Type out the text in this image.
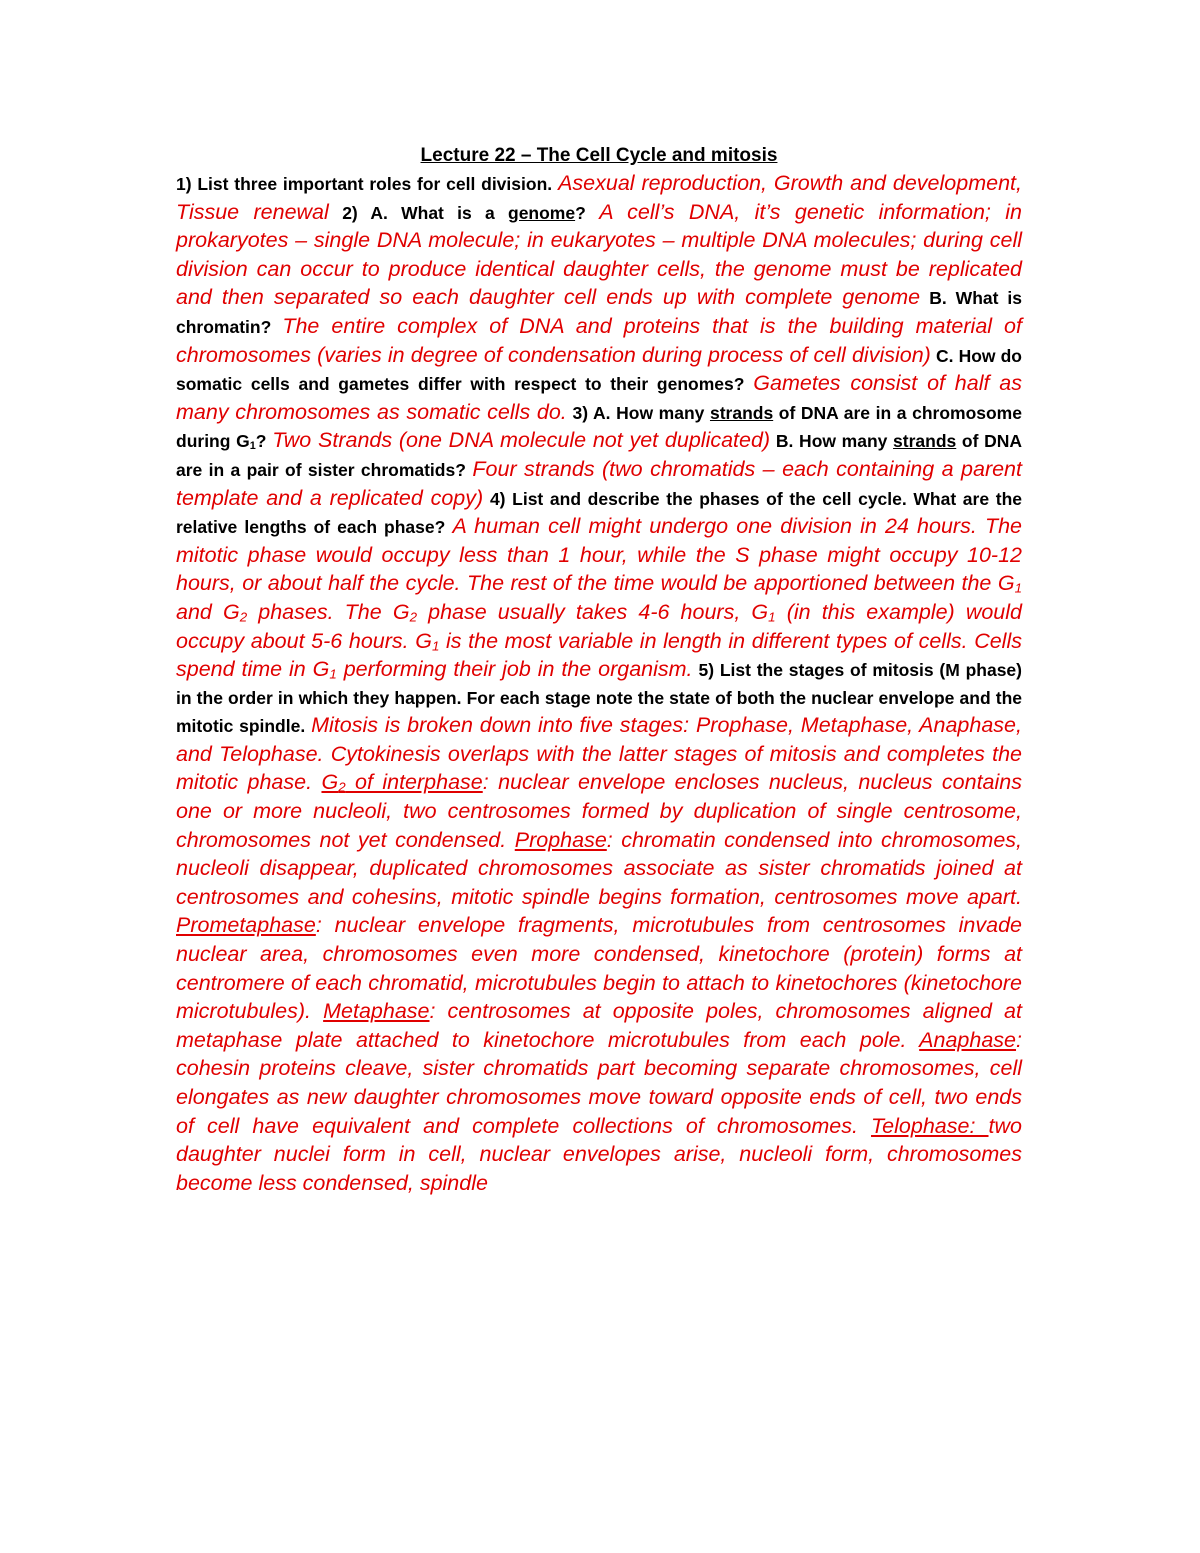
Lecture 22 – The Cell Cycle and mitosis
1) List three important roles for cell division. Asexual reproduction, Growth and development, Tissue renewal 2) A. What is a genome? A cell’s DNA, it’s genetic information; in prokaryotes – single DNA molecule; in eukaryotes – multiple DNA molecules; during cell division can occur to produce identical daughter cells, the genome must be replicated and then separated so each daughter cell ends up with complete genome B. What is chromatin? The entire complex of DNA and proteins that is the building material of chromosomes (varies in degree of condensation during process of cell division) C. How do somatic cells and gametes differ with respect to their genomes? Gametes consist of half as many chromosomes as somatic cells do. 3) A. How many strands of DNA are in a chromosome during $G_1$? Two Strands (one DNA molecule not yet duplicated) B. How many strands of DNA are in a pair of sister chromatids? Four strands (two chromatids – each containing a parent template and a replicated copy) 4) List and describe the phases of the cell cycle. What are the relative lengths of each phase? A human cell might undergo one division in 24 hours. The mitotic phase would occupy less than 1 hour, while the S phase might occupy 10-12 hours, or about half the cycle. The rest of the time would be apportioned between the $G_1$ and $G_2$ phases. The $G_2$ phase usually takes 4-6 hours, $G_1$ (in this example) would occupy about 5-6 hours. $G_1$ is the most variable in length in different types of cells. Cells spend time in $G_1$ performing their job in the organism. 5) List the stages of mitosis (M phase) in the order in which they happen. For each stage note the state of both the nuclear envelope and the mitotic spindle. Mitosis is broken down into five stages: Prophase, Metaphase, Anaphase, and Telophase. Cytokinesis overlaps with the latter stages of mitosis and completes the mitotic phase. $G_2$ of interphase: nuclear envelope encloses nucleus, nucleus contains one or more nucleoli, two centrosomes formed by duplication of single centrosome, chromosomes not yet condensed. Prophase: chromatin condensed into chromosomes, nucleoli disappear, duplicated chromosomes associate as sister chromatids joined at centrosomes and cohesins, mitotic spindle begins formation, centrosomes move apart. Prometaphase: nuclear envelope fragments, microtubules from centrosomes invade nuclear area, chromosomes even more condensed, kinetochore (protein) forms at centromere of each chromatid, microtubules begin to attach to kinetochores (kinetochore microtubules). Metaphase: centrosomes at opposite poles, chromosomes aligned at metaphase plate attached to kinetochore microtubules from each pole. Anaphase: cohesin proteins cleave, sister chromatids part becoming separate chromosomes, cell elongates as new daughter chromosomes move toward opposite ends of cell, two ends of cell have equivalent and complete collections of chromosomes. Telophase: two daughter nuclei form in cell, nuclear envelopes arise, nucleoli form, chromosomes become less condensed, spindle
